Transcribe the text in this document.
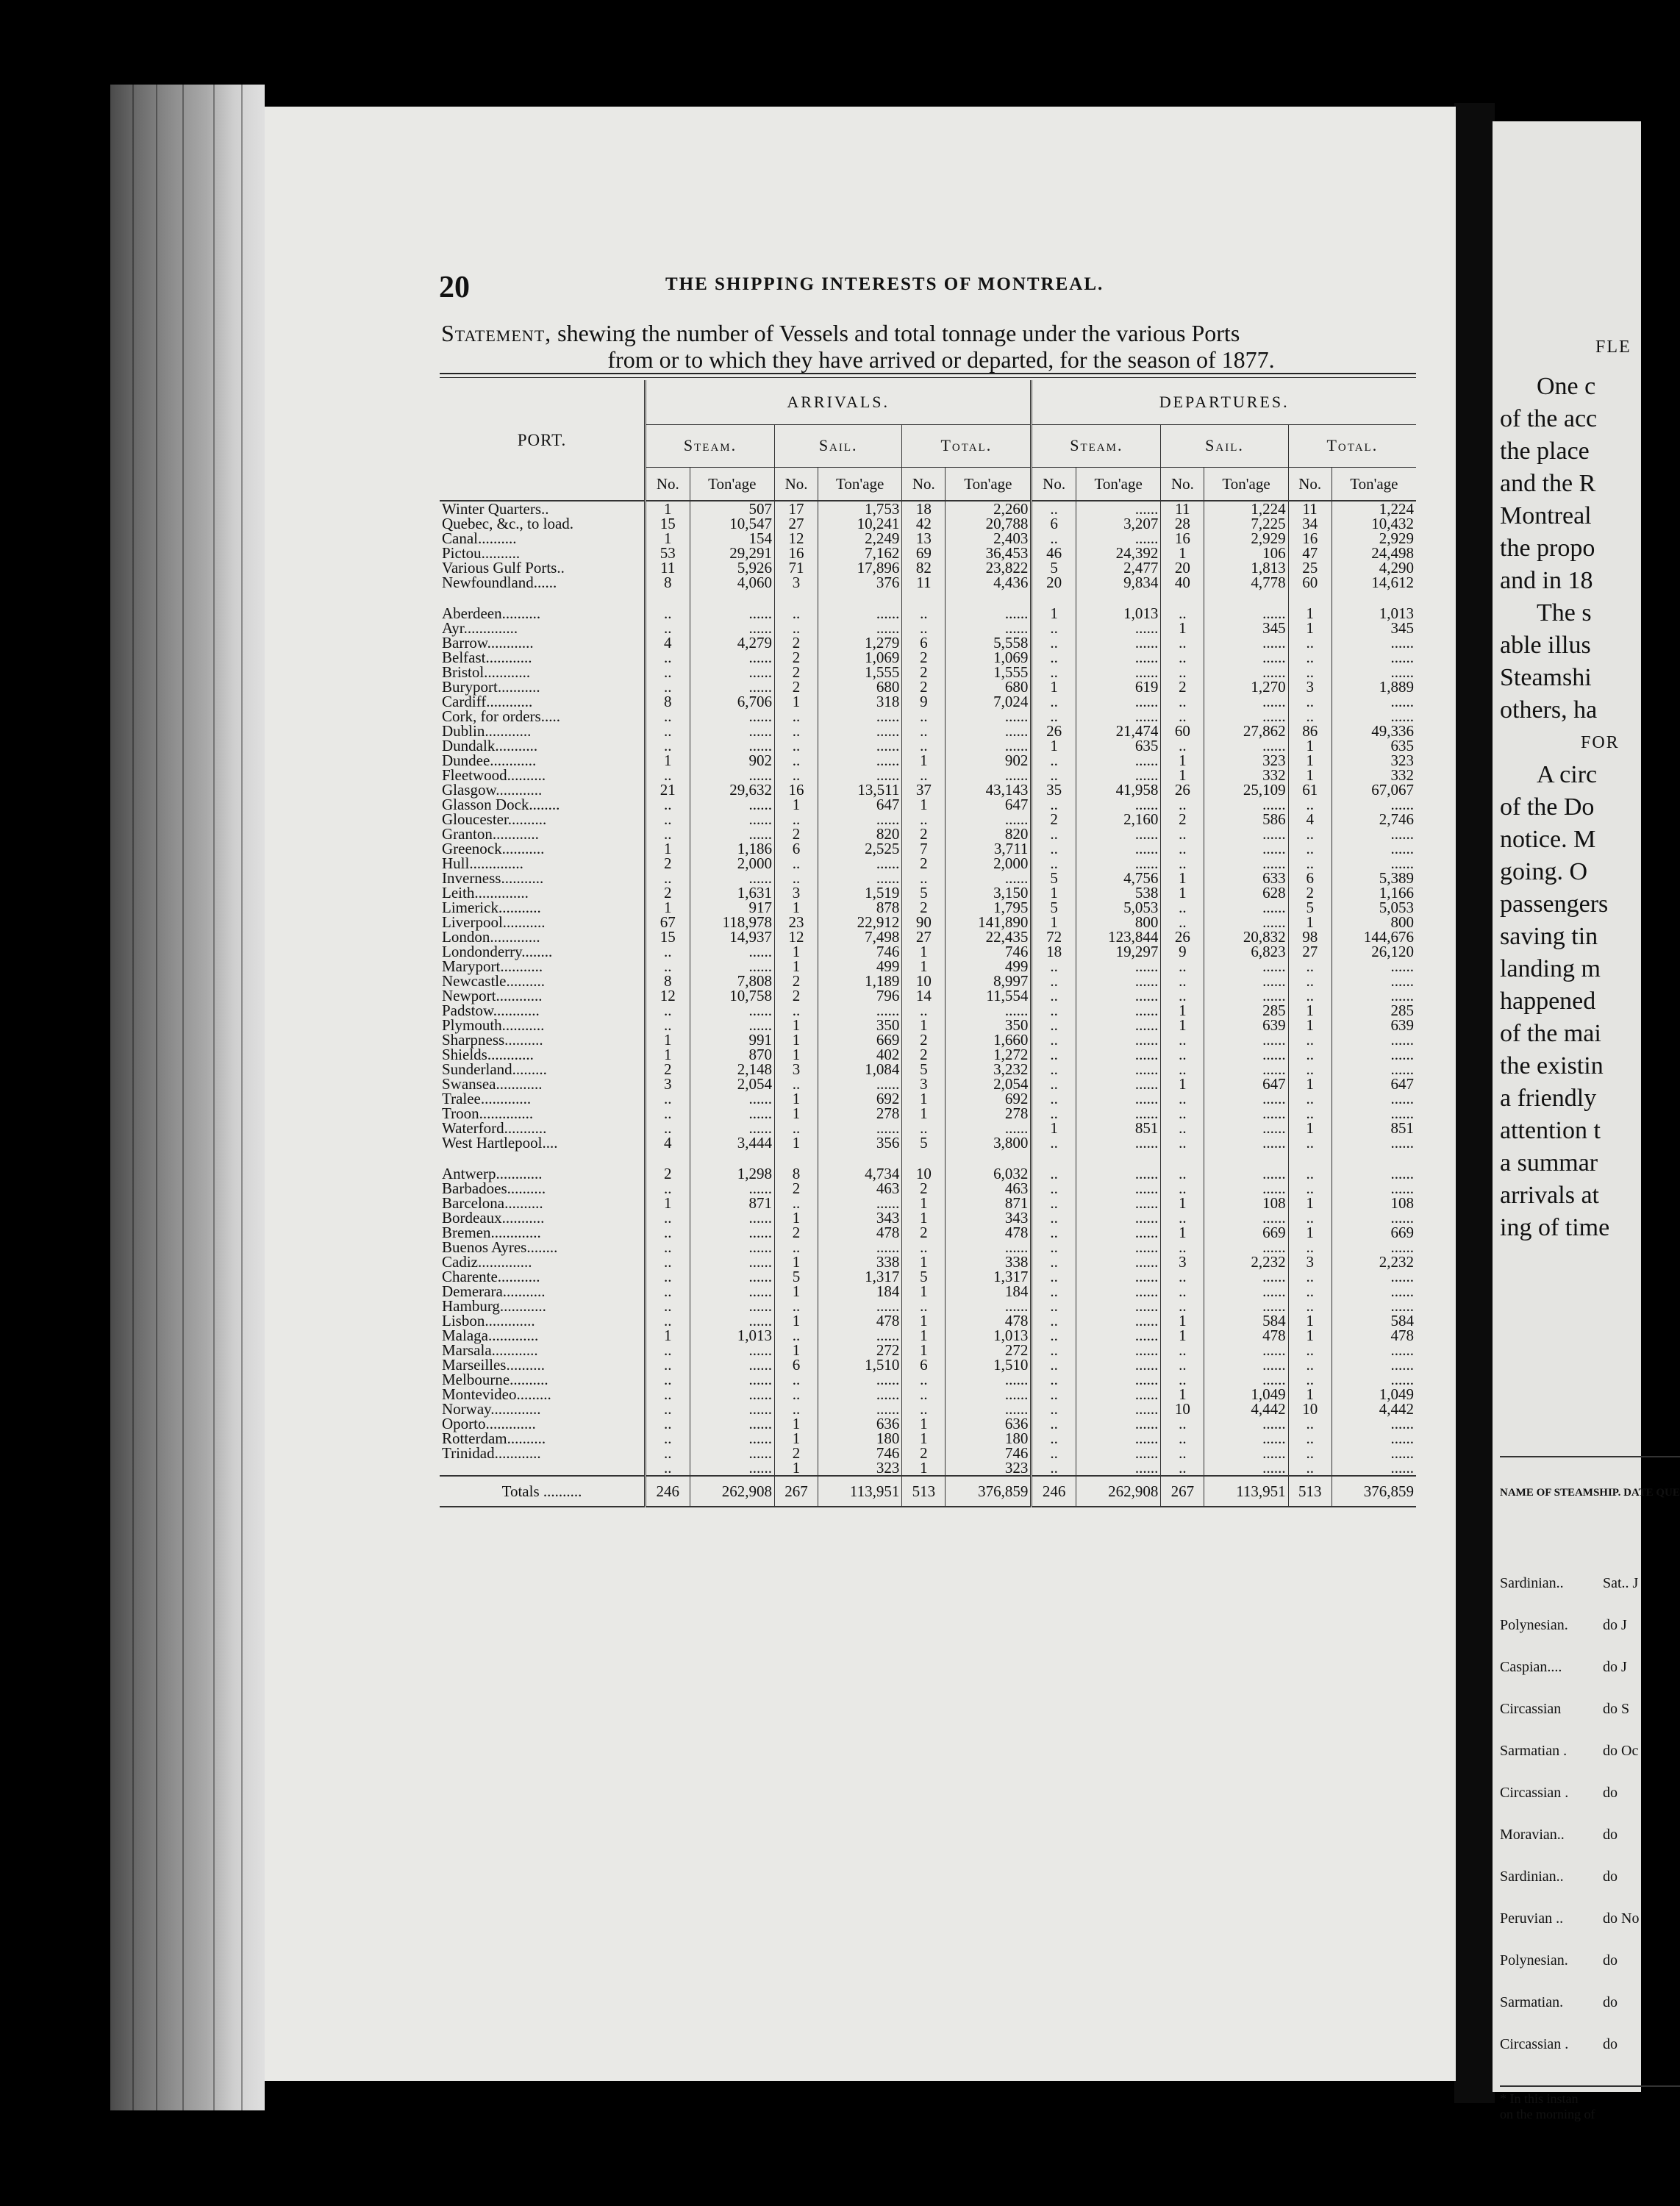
20	THE SHIPPING INTERESTS OF MONTREAL.
Statement, shewing the number of Vessels and total tonnage under the various Ports
from or to which they have arrived or departed, for the season of 1877.
PORT.	ARRIVALS.						DEPARTURES.					
	Steam.		Sail.		Total.		Steam.		Sail.		Total.	
	No.	Ton'age	No.	Ton'age	No.	Ton'age	No.	Ton'age	No.	Ton'age	No.	Ton'age
Winter Quarters..	1	507	17	1,753	18	2,260	..	......	11	1,224	11	1,224
Quebec, &c., to load.	15	10,547	27	10,241	42	20,788	6	3,207	28	7,225	34	10,432
Canal..........	1	154	12	2,249	13	2,403	..	......	16	2,929	16	2,929
Pictou..........	53	29,291	16	7,162	69	36,453	46	24,392	1	106	47	24,498
Various Gulf Ports..	11	5,926	71	17,896	82	23,822	5	2,477	20	1,813	25	4,290
Newfoundland......	8	4,060	3	376	11	4,436	20	9,834	40	4,778	60	14,612

Aberdeen..........	..	......	..	......	..	......	1	1,013	..	......	1	1,013
Ayr..............	..	......	..	......	..	......	..	......	1	345	1	345
Barrow............	4	4,279	2	1,279	6	5,558	..	......	..	......	..	......
Belfast............	..	......	2	1,069	2	1,069	..	......	..	......	..	......
Bristol............	..	......	2	1,555	2	1,555	..	......	..	......	..	......
Buryport...........	..	......	2	680	2	680	1	619	2	1,270	3	1,889
Cardiff............	8	6,706	1	318	9	7,024	..	......	..	......	..	......
Cork, for orders.....	..	......	..	......	..	......	..	......	..	......	..	......
Dublin............	..	......	..	......	..	......	26	21,474	60	27,862	86	49,336
Dundalk...........	..	......	..	......	..	......	1	635	..	......	1	635
Dundee............	1	902	..	......	1	902	..	......	1	323	1	323
Fleetwood..........	..	......	..	......	..	......	..	......	1	332	1	332
Glasgow............	21	29,632	16	13,511	37	43,143	35	41,958	26	25,109	61	67,067
Glasson Dock........	..	......	1	647	1	647	..	......	..	......	..	......
Gloucester..........	..	......	..	......	..	......	2	2,160	2	586	4	2,746
Granton............	..	......	2	820	2	820	..	......	..	......	..	......
Greenock...........	1	1,186	6	2,525	7	3,711	..	......	..	......	..	......
Hull..............	2	2,000	..	......	2	2,000	..	......	..	......	..	......
Inverness...........	..	......	..	......	..	......	5	4,756	1	633	6	5,389
Leith..............	2	1,631	3	1,519	5	3,150	1	538	1	628	2	1,166
Limerick...........	1	917	1	878	2	1,795	5	5,053	..	......	5	5,053
Liverpool...........	67	118,978	23	22,912	90	141,890	1	800	..	......	1	800
London.............	15	14,937	12	7,498	27	22,435	72	123,844	26	20,832	98	144,676
Londonderry........	..	......	1	746	1	746	18	19,297	9	6,823	27	26,120
Maryport...........	..	......	1	499	1	499	..	......	..	......	..	......
Newcastle..........	8	7,808	2	1,189	10	8,997	..	......	..	......	..	......
Newport............	12	10,758	2	796	14	11,554	..	......	..	......	..	......
Padstow............	..	......	..	......	..	......	..	......	1	285	1	285
Plymouth...........	..	......	1	350	1	350	..	......	1	639	1	639
Sharpness..........	1	991	1	669	2	1,660	..	......	..	......	..	......
Shields............	1	870	1	402	2	1,272	..	......	..	......	..	......
Sunderland.........	2	2,148	3	1,084	5	3,232	..	......	..	......	..	......
Swansea............	3	2,054	..	......	3	2,054	..	......	1	647	1	647
Tralee.............	..	......	1	692	1	692	..	......	..	......	..	......
Troon..............	..	......	1	278	1	278	..	......	..	......	..	......
Waterford...........	..	......	..	......	..	......	1	851	..	......	1	851
West Hartlepool....	4	3,444	1	356	5	3,800	..	......	..	......	..	......

Antwerp............	2	1,298	8	4,734	10	6,032	..	......	..	......	..	......
Barbadoes..........	..	......	2	463	2	463	..	......	..	......	..	......
Barcelona..........	1	871	..	......	1	871	..	......	1	108	1	108
Bordeaux...........	..	......	1	343	1	343	..	......	..	......	..	......
Bremen.............	..	......	2	478	2	478	..	......	1	669	1	669
Buenos Ayres........	..	......	..	......	..	......	..	......	..	......	..	......
Cadiz..............	..	......	1	338	1	338	..	......	3	2,232	3	2,232
Charente...........	..	......	5	1,317	5	1,317	..	......	..	......	..	......
Demerara...........	..	......	1	184	1	184	..	......	..	......	..	......
Hamburg............	..	......	..	......	..	......	..	......	..	......	..	......
Lisbon.............	..	......	1	478	1	478	..	......	1	584	1	584
Malaga.............	1	1,013	..	......	1	1,013	..	......	1	478	1	478
Marsala............	..	......	1	272	1	272	..	......	..	......	..	......
Marseilles..........	..	......	6	1,510	6	1,510	..	......	..	......	..	......
Melbourne..........	..	......	..	......	..	......	..	......	..	......	..	......
Montevideo.........	..	......	..	......	..	......	..	......	1	1,049	1	1,049
Norway.............	..	......	..	......	..	......	..	......	10	4,442	10	4,442
Oporto.............	..	......	1	636	1	636	..	......	..	......	..	......
Rotterdam..........	..	......	1	180	1	180	..	......	..	......	..	......
Trinidad............	..	......	2	746	2	746	..	......	..	......	..	......
	..	......	1	323	1	323	..	......	..	......	..	......
Totals ..........	246	262,908	267	113,951	513	376,859	246	262,908	267	113,951	513	376,859
FLE
One c
of the acc
the place
and the R
Montreal
the propo
and in 18
The s
able illus
Steamshi
others, ha
FOR
A circ
of the Do
notice. M
going. O
passengers
saving tin
landing m
happened
of the mai
the existin
a friendly
attention t
a summar
arrivals at
ing of time
NAME OF STEAMSHIP. DATE QUE
Sardinian..	Sat.. J
Polynesian. do J
Caspian....	do J
Circassian	do S
Sarmatian . do Oc
Circassian . do
Moravian..	do
Sardinian..	do
Peruvian ..	do No
Polynesian. do
Sarmatian.	do
Circassian . do
* In this instan
on the morning of
